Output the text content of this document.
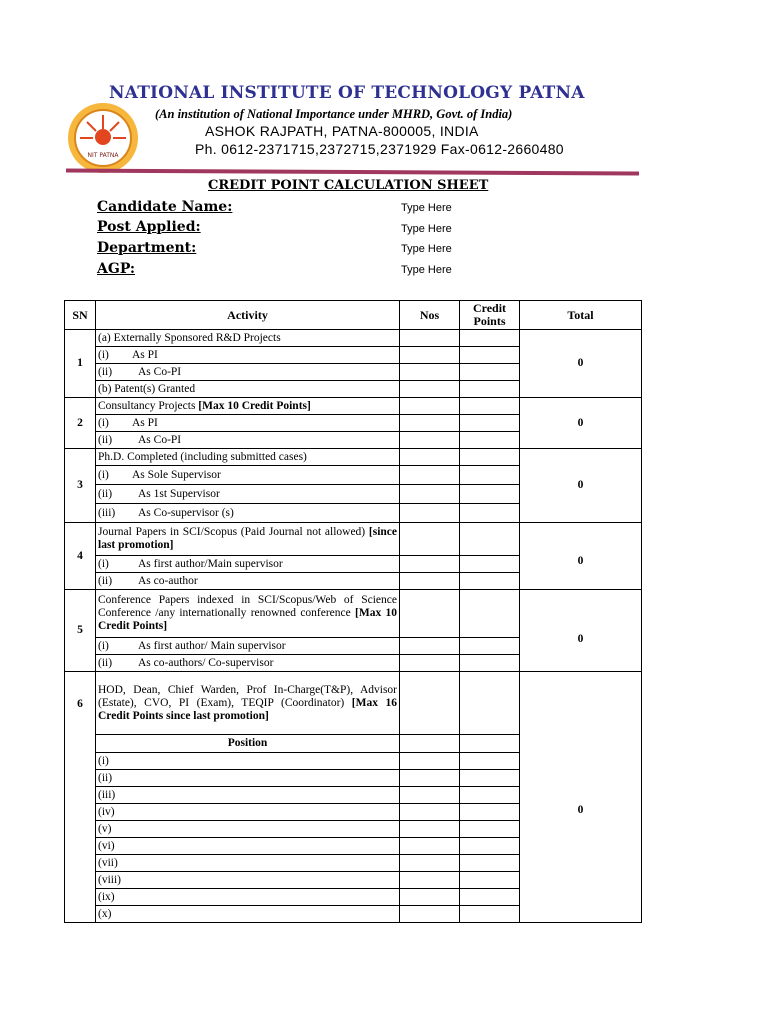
NIT PATNA
NATIONAL INSTITUTE OF TECHNOLOGY PATNA
(An institution of National Importance under MHRD, Govt. of India)
ASHOK RAJPATH, PATNA-800005, INDIA
Ph. 0612-2371715,2372715,2371929 Fax-0612-2660480
CREDIT POINT CALCULATION SHEET
Candidate Name:	Type Here
Post Applied:	Type Here
Department:	Type Here
AGP:	Type Here
SN	Activity	Nos	Credit Points	Total
1	(a) Externally Sponsored R&D Projects			0
	(i) As PI			
	(ii) As Co-PI			
	(b) Patent(s) Granted			
2	Consultancy Projects [Max 10 Credit Points]			0
	(i) As PI			
	(ii) As Co-PI			
3	Ph.D. Completed (including submitted cases)			0
	(i) As Sole Supervisor			
	(ii) As 1st Supervisor			
	(iii) As Co-supervisor (s)			
4	Journal Papers in SCI/Scopus (Paid Journal not allowed) [since last promotion]			0
	(i) As first author/Main supervisor			
	(ii) As co-author			
5	Conference Papers indexed in SCI/Scopus/Web of Science Conference /any internationally renowned conference [Max 10 Credit Points]			0
	(i) As first author/ Main supervisor			
	(ii) As co-authors/ Co-supervisor			
6	HOD, Dean, Chief Warden, Prof In-Charge(T&P), Advisor (Estate), CVO, PI (Exam), TEQIP (Coordinator) [Max 16 Credit Points since last promotion]			0
	Position			
	(i)			
	(ii)			
	(iii)			
	(iv)			
	(v)			
	(vi)			
	(vii)			
	(viii)			
	(ix)			
	(x)			
